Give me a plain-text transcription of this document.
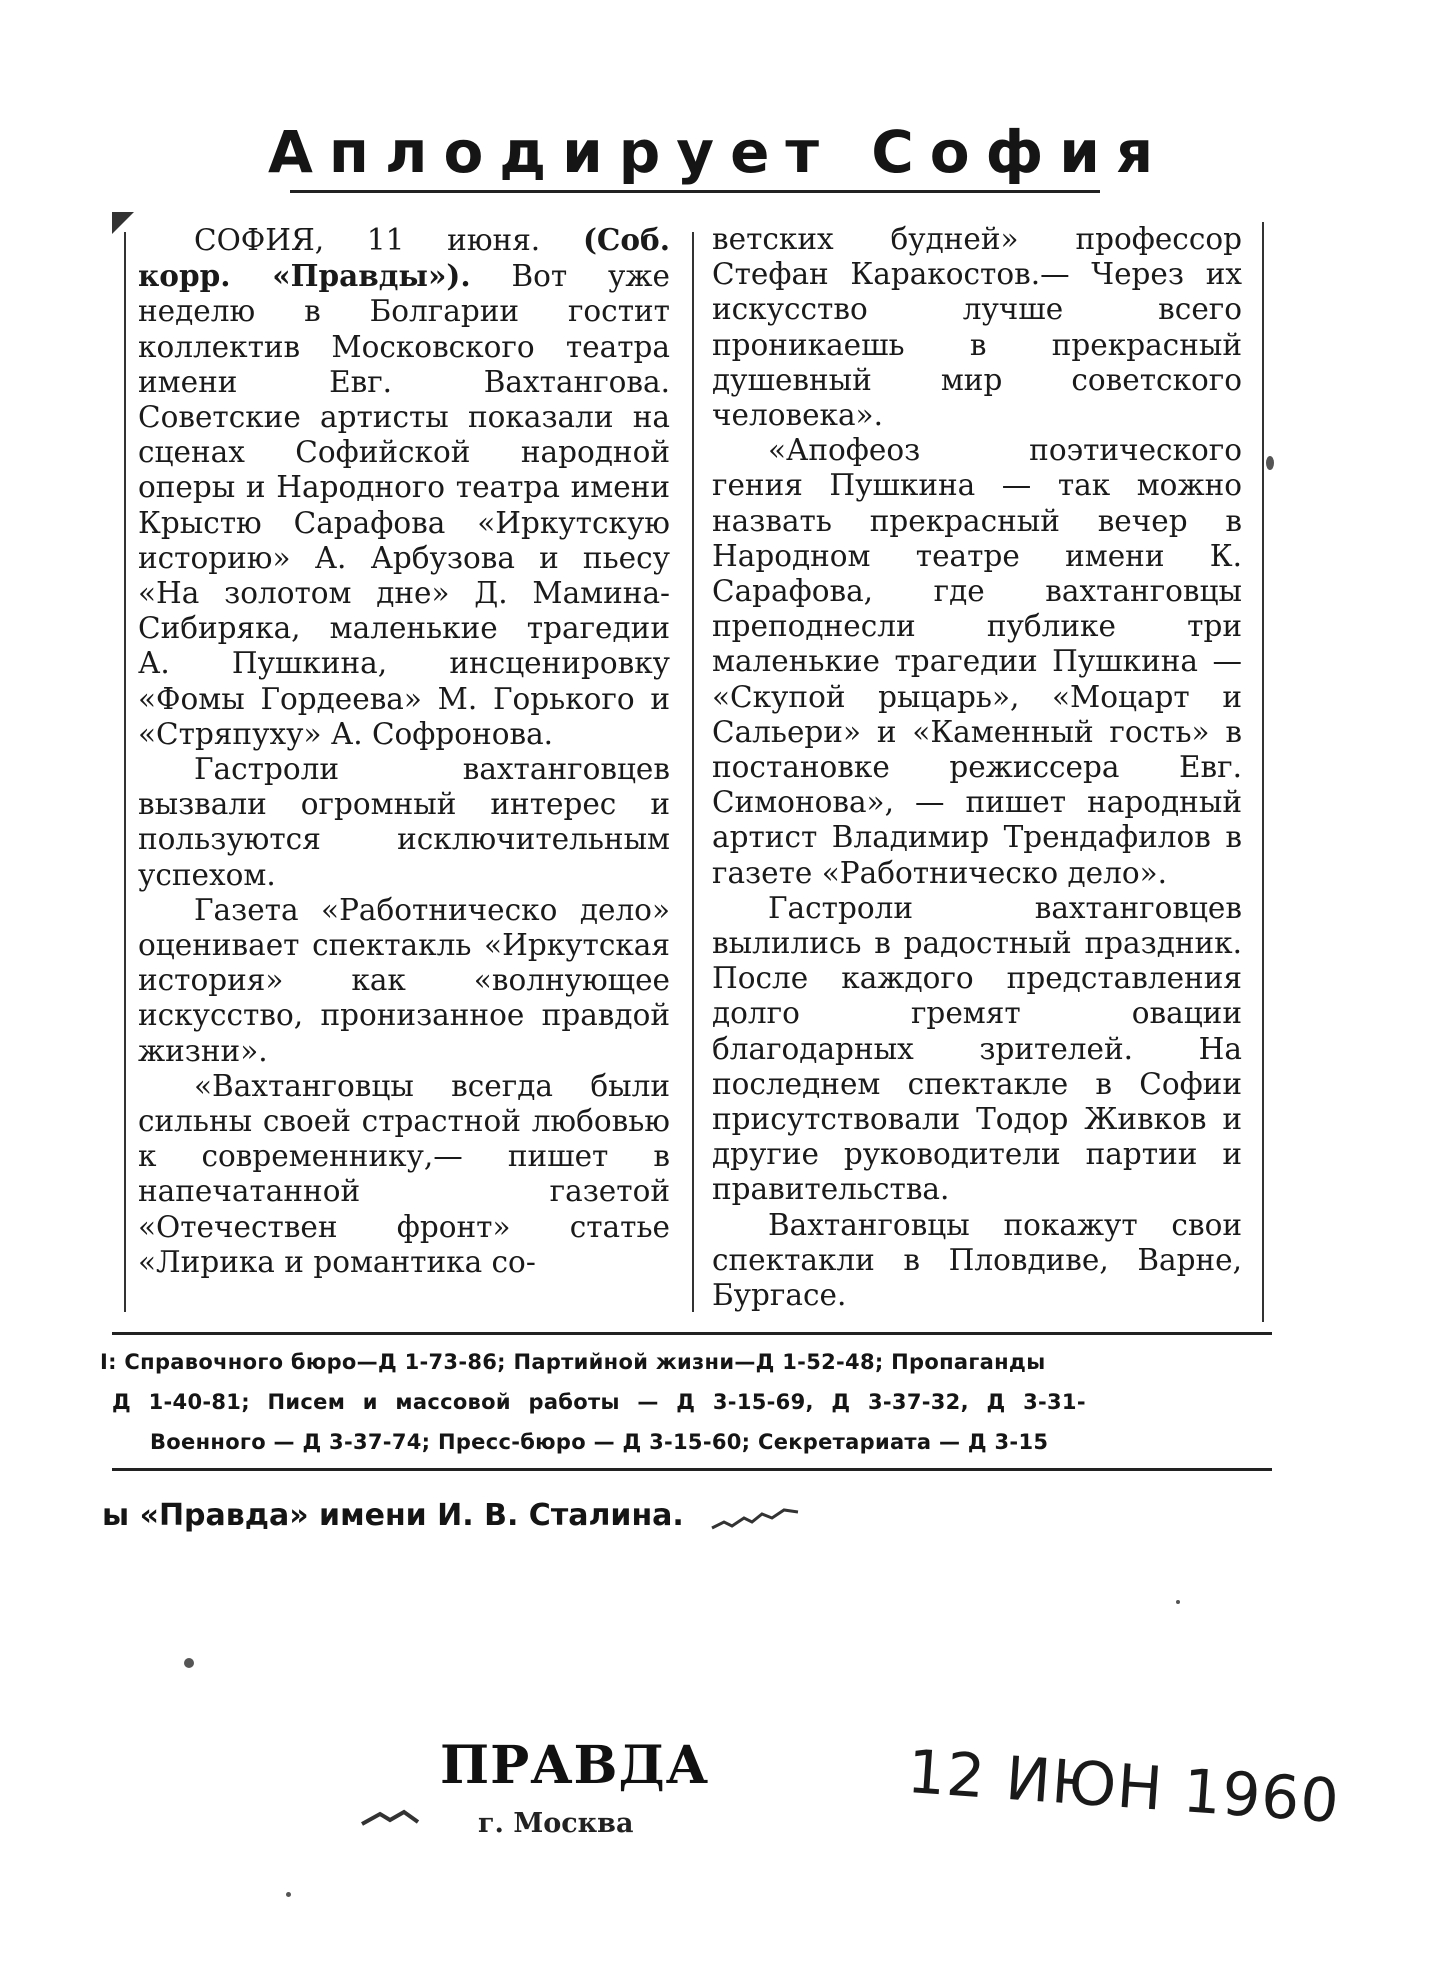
Аплодирует София

СОФИЯ, 11 июня. (Соб. корр. «Правды»). Вот уже неделю в Болгарии гостит коллектив Московского театра имени Евг. Вахтангова. Советские артисты показали на сценах Софийской народной оперы и Народного театра имени Крыстю Сарафова «Иркутскую историю» А. Арбузова и пьесу «На золотом дне» Д. Мамина-Сибиряка, маленькие трагедии А. Пушкина, инсценировку «Фомы Гордеева» М. Горького и «Стряпуху» А. Софронова.

Гастроли вахтанговцев вызвали огромный интерес и пользуются исключительным успехом.

Газета «Работническо дело» оценивает спектакль «Иркутская история» как «волнующее искусство, пронизанное правдой жизни».

«Вахтанговцы всегда были сильны своей страстной любовью к современнику,— пишет в напечатанной газетой «Отечествен фронт» статье «Лирика и романтика со-

ветских будней» профессор Стефан Каракостов.— Через их искусство лучше всего проникаешь в прекрасный душевный мир советского человека».

«Апофеоз поэтического гения Пушкина — так можно назвать прекрасный вечер в Народном театре имени К. Сарафова, где вахтанговцы преподнесли публике три маленькие трагедии Пушкина — «Скупой рыцарь», «Моцарт и Сальери» и «Каменный гость» в постановке режиссера Евг. Симонова», — пишет народный артист Владимир Трендафилов в газете «Работническо дело».

Гастроли вахтанговцев вылились в радостный праздник. После каждого представления долго гремят овации благодарных зрителей. На последнем спектакле в Софии присутствовали Тодор Живков и другие руководители партии и правительства.

Вахтанговцы покажут свои спектакли в Пловдиве, Варне, Бургасе.

I: Справочного бюро—Д 1-73-86; Партийной жизни—Д 1-52-48; Пропаганды
Д 1-40-81; Писем и массовой работы — Д 3-15-69, Д 3-37-32, Д 3-31-
Военного — Д 3-37-74; Пресс-бюро — Д 3-15-60; Секретариата — Д 3-15
ы «Правда» имени И. В. Сталина.
ПРАВДА
г. Москва	12 ИЮН 1960
